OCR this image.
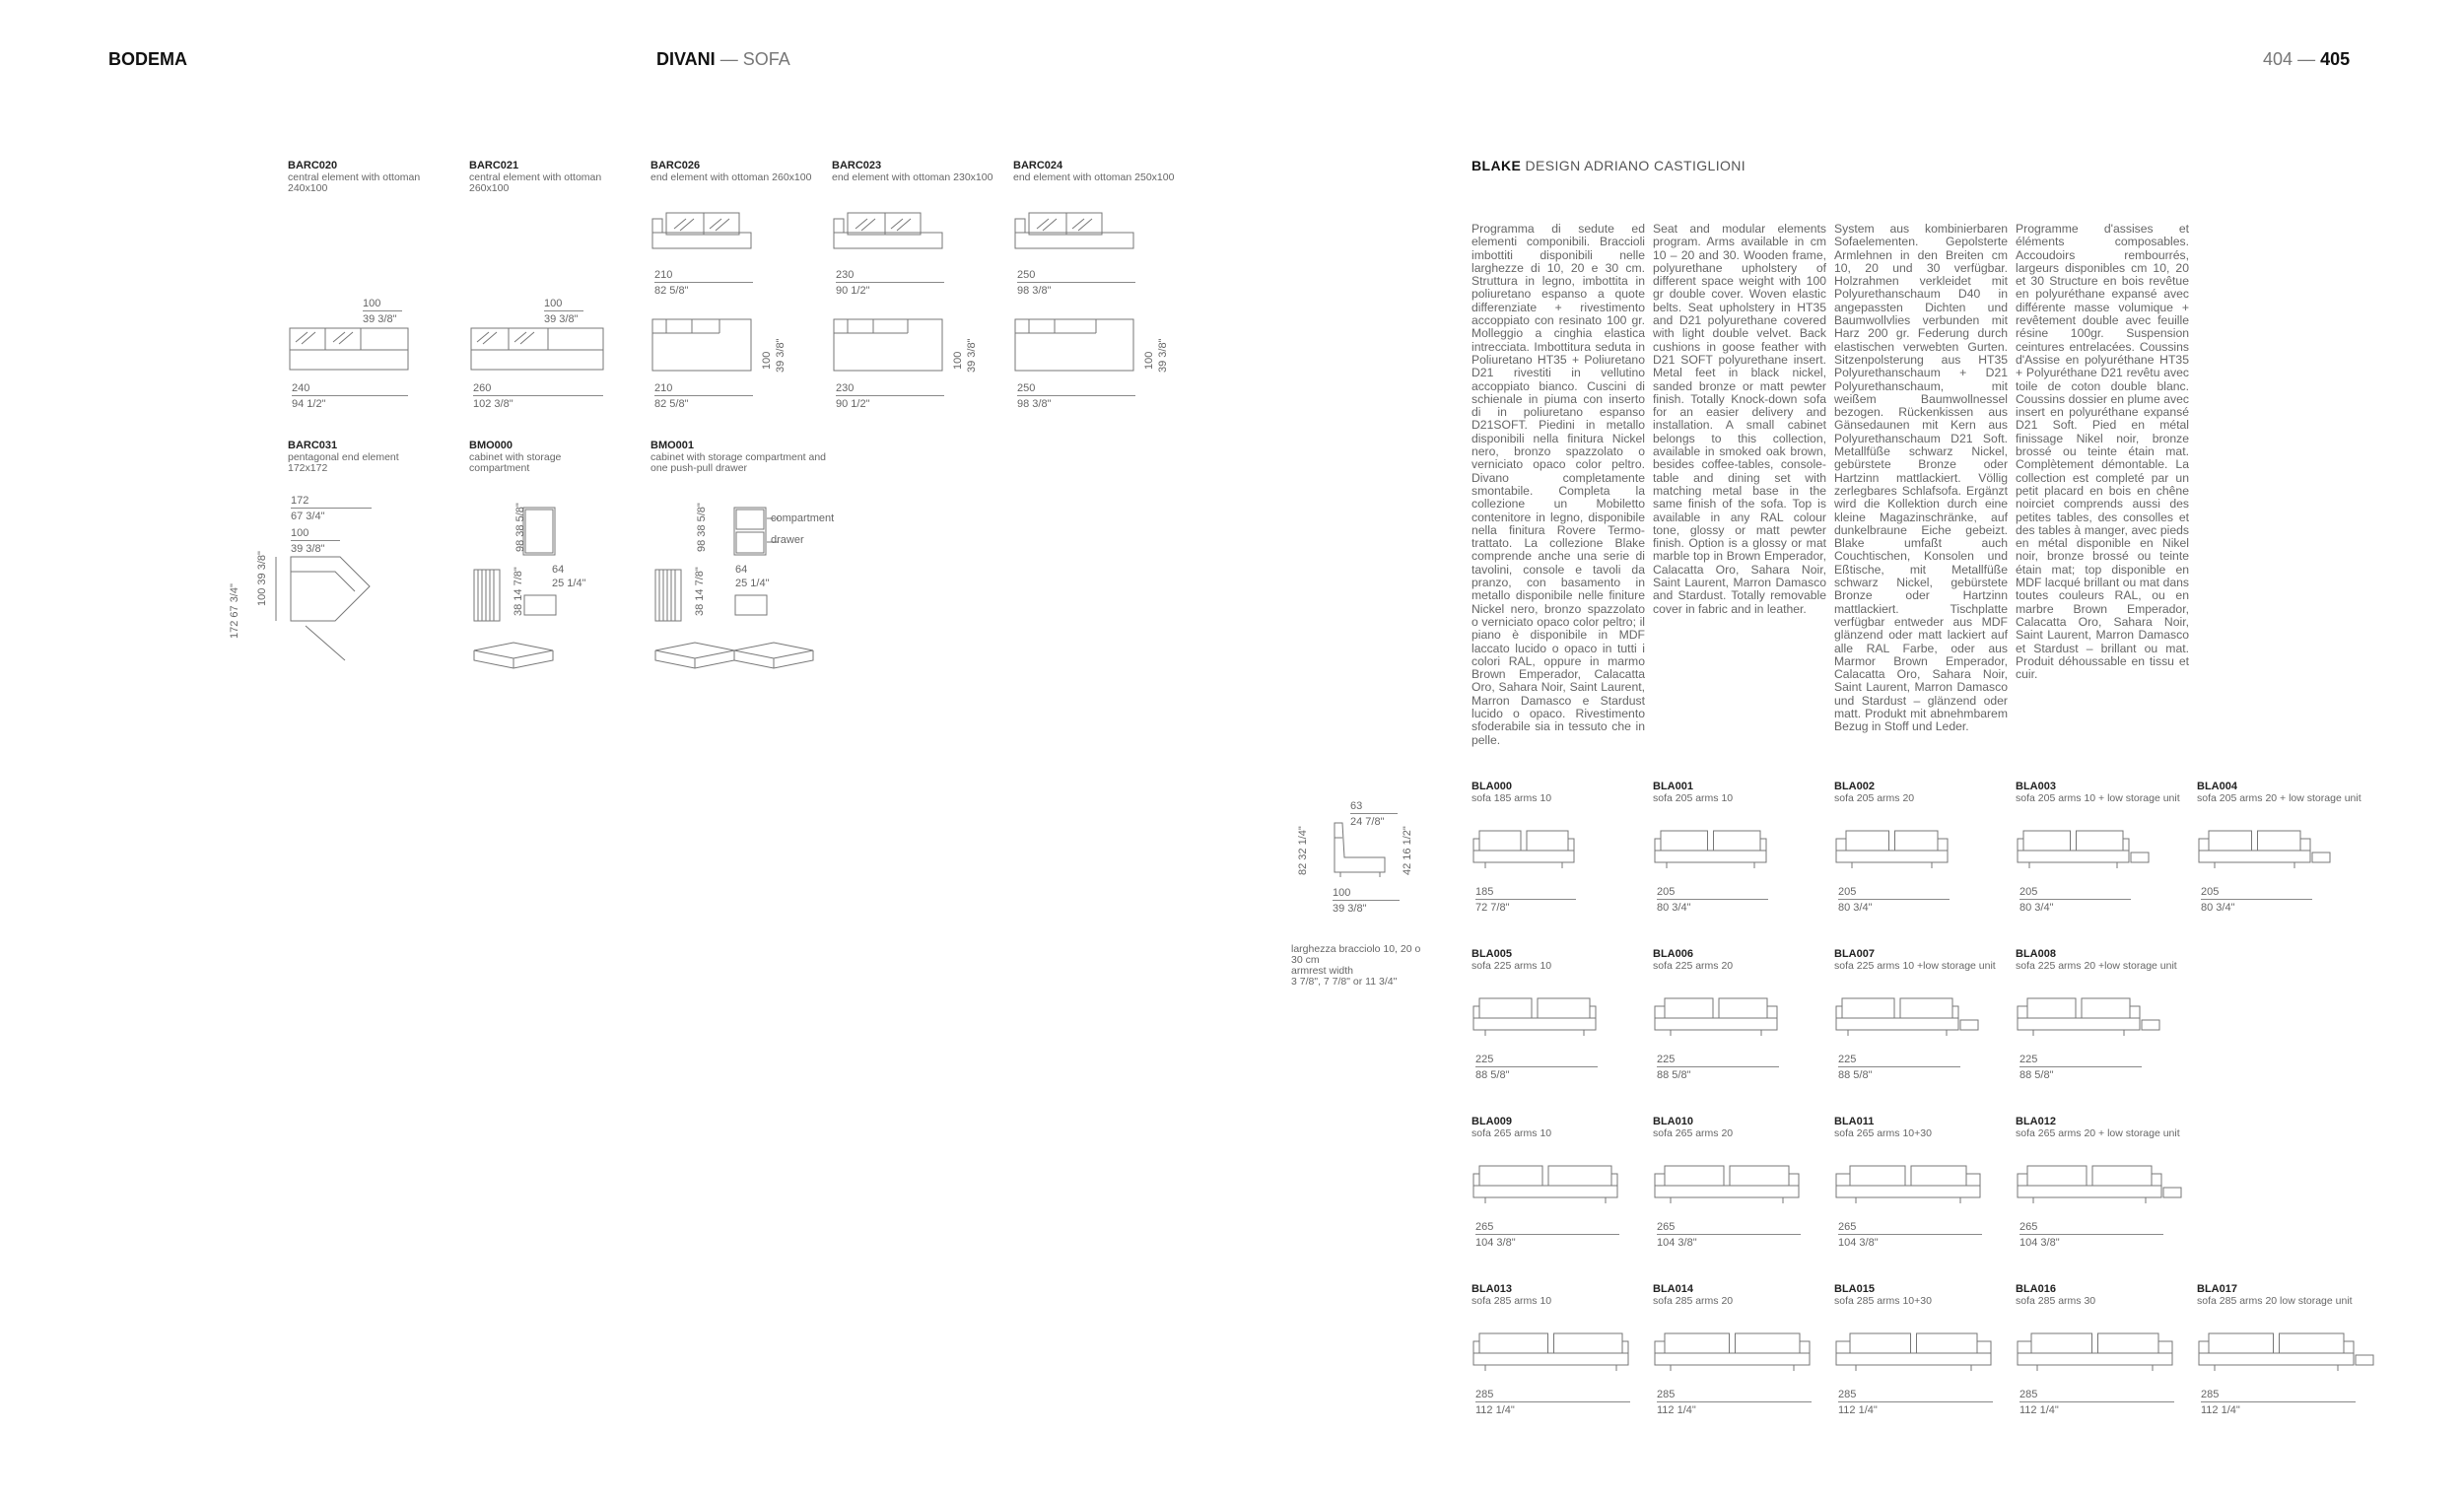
BODEMA	DIVANI — SOFA	404 — 405
BARC020
central element with ottoman 240x100
100
39 3/8"
240
94 1/2"
BARC021
central element with ottoman 260x100
100
39 3/8"
260
102 3/8"
BARC026
end element with ottoman 260x100
210
82 5/8"
100 39 3/8"
210
82 5/8"
BARC023
end element with ottoman 230x100
230
90 1/2"
100 39 3/8"
230
90 1/2"
BARC024
end element with ottoman 250x100
250
98 3/8"
100 39 3/8"
250
98 3/8"
BARC031
pentagonal end element 172x172
BMO000
cabinet with storage compartment
BMO001
cabinet with storage compartment and one push-pull drawer
172
67 3/4"
100
39 3/8"
172 67 3/4" 100 39 3/8"
98 38 5/8"
64
25 1/4"
38 14 7/8"
compartment
drawer
98 38 5/8"
64
25 1/4"
38 14 7/8"
BLAKE DESIGN ADRIANO CASTIGLIONI
Programma di sedute ed elementi componibili. Braccioli imbottiti disponibili nelle larghezze di 10, 20 e 30 cm. Struttura in legno, imbottita in poliuretano espanso a quote differenziate + rivestimento accoppiato con resinato 100 gr. Molleggio a cinghia elastica intrecciata. Imbottitura seduta in Poliuretano HT35 + Poliuretano D21 rivestiti in vellutino accoppiato bianco. Cuscini di schienale in piuma con inserto di in poliuretano espanso D21SOFT. Piedini in metallo disponibili nella finitura Nickel nero, bronzo spazzolato o verniciato opaco color peltro. Divano completamente smontabile. Completa la collezione un Mobiletto contenitore in legno, disponibile nella finitura Rovere Termo-trattato. La collezione Blake comprende anche una serie di tavolini, console e tavoli da pranzo, con basamento in metallo disponibile nelle finiture Nickel nero, bronzo spazzolato o verniciato opaco color peltro; il piano è disponibile in MDF laccato lucido o opaco in tutti i colori RAL, oppure in marmo Brown Emperador, Calacatta Oro, Sahara Noir, Saint Laurent, Marron Damasco e Stardust lucido o opaco. Rivestimento sfoderabile sia in tessuto che in pelle.
Seat and modular elements program. Arms available in cm 10 – 20 and 30. Wooden frame, polyurethane upholstery of different space weight with 100 gr double cover. Woven elastic belts. Seat upholstery in HT35 and D21 polyurethane covered with light double velvet. Back cushions in goose feather with D21 SOFT polyurethane insert. Metal feet in black nickel, sanded bronze or matt pewter finish. Totally Knock-down sofa for an easier delivery and installation. A small cabinet belongs to this collection, available in smoked oak brown, besides coffee-tables, console-table and dining set with matching metal base in the same finish of the sofa. Top is available in any RAL colour tone, glossy or matt pewter finish. Option is a glossy or mat marble top in Brown Emperador, Calacatta Oro, Sahara Noir, Saint Laurent, Marron Damasco and Stardust. Totally removable cover in fabric and in leather.
System aus kombinierbaren Sofaelementen. Gepolsterte Armlehnen in den Breiten cm 10, 20 und 30 verfügbar. Holzrahmen verkleidet mit Polyurethanschaum D40 in angepassten Dichten und Baumwollvlies verbunden mit Harz 200 gr. Federung durch elastischen verwebten Gurten. Sitzenpolsterung aus HT35 Polyurethanschaum + D21 Polyurethanschaum, mit weißem Baumwollnessel bezogen. Rückenkissen aus Gänsedaunen mit Kern aus Polyurethanschaum D21 Soft. Metallfüße schwarz Nickel, gebürstete Bronze oder Hartzinn mattlackiert. Völlig zerlegbares Schlafsofa. Ergänzt wird die Kollektion durch eine kleine Magazinschränke, auf dunkelbraune Eiche gebeizt. Blake umfaßt auch Couchtischen, Konsolen und Eßtische, mit Metallfüße schwarz Nickel, gebürstete Bronze oder Hartzinn mattlackiert. Tischplatte verfügbar entweder aus MDF glänzend oder matt lackiert auf alle RAL Farbe, oder aus Marmor Brown Emperador, Calacatta Oro, Sahara Noir, Saint Laurent, Marron Damasco und Stardust – glänzend oder matt. Produkt mit abnehmbarem Bezug in Stoff und Leder.
Programme d'assises et éléments composables. Accoudoirs rembourrés, largeurs disponibles cm 10, 20 et 30 Structure en bois revêtue en polyuréthane expansé avec différente masse volumique + revêtement double avec feuille résine 100gr. Suspension ceintures entrelacées. Coussins d'Assise en polyuréthane HT35 + Polyuréthane D21 revêtu avec toile de coton double blanc. Coussins dossier en plume avec insert en polyuréthane expansé D21 Soft. Pied en métal finissage Nikel noir, bronze brossé ou teinte étain mat. Complètement démontable. La collection est completé par un petit placard en bois en chêne noirciet comprends aussi des petites tables, des consolles et des tables à manger, avec pieds en métal disponible en Nikel noir, bronze brossé ou teinte étain mat; top disponible en MDF lacqué brillant ou mat dans toutes couleurs RAL, ou en marbre Brown Emperador, Calacatta Oro, Sahara Noir, Saint Laurent, Marron Damasco et Stardust – brillant ou mat. Produit déhoussable en tissu et cuir.
63
24 7/8"
82 32 1/4"
42 16 1/2"
100
39 3/8"
larghezza bracciolo 10, 20 o
30 cm
armrest width
3 7/8", 7 7/8" or 11 3/4"
BLA000
sofa 185 arms 10
185
72 7/8"
BLA001
sofa 205 arms 10
205
80 3/4"
BLA002
sofa 205 arms 20
205
80 3/4"
BLA003
sofa 205 arms 10 + low storage unit
205
80 3/4"
BLA004
sofa 205 arms 20 + low storage unit
205
80 3/4"
BLA005
sofa 225 arms 10
225
88 5/8"
BLA006
sofa 225 arms 20
225
88 5/8"
BLA007
sofa 225 arms 10 +low storage unit
225
88 5/8"
BLA008
sofa 225 arms 20 +low storage unit
225
88 5/8"
BLA009
sofa 265 arms 10
265
104 3/8"
BLA010
sofa 265 arms 20
265
104 3/8"
BLA011
sofa 265 arms 10+30
265
104 3/8"
BLA012
sofa 265 arms 20 + low storage unit
265
104 3/8"
BLA013
sofa 285 arms 10
285
112 1/4"
BLA014
sofa 285 arms 20
285
112 1/4"
BLA015
sofa 285 arms 10+30
285
112 1/4"
BLA016
sofa 285 arms 30
285
112 1/4"
BLA017
sofa 285 arms 20 low storage unit
285
112 1/4"
